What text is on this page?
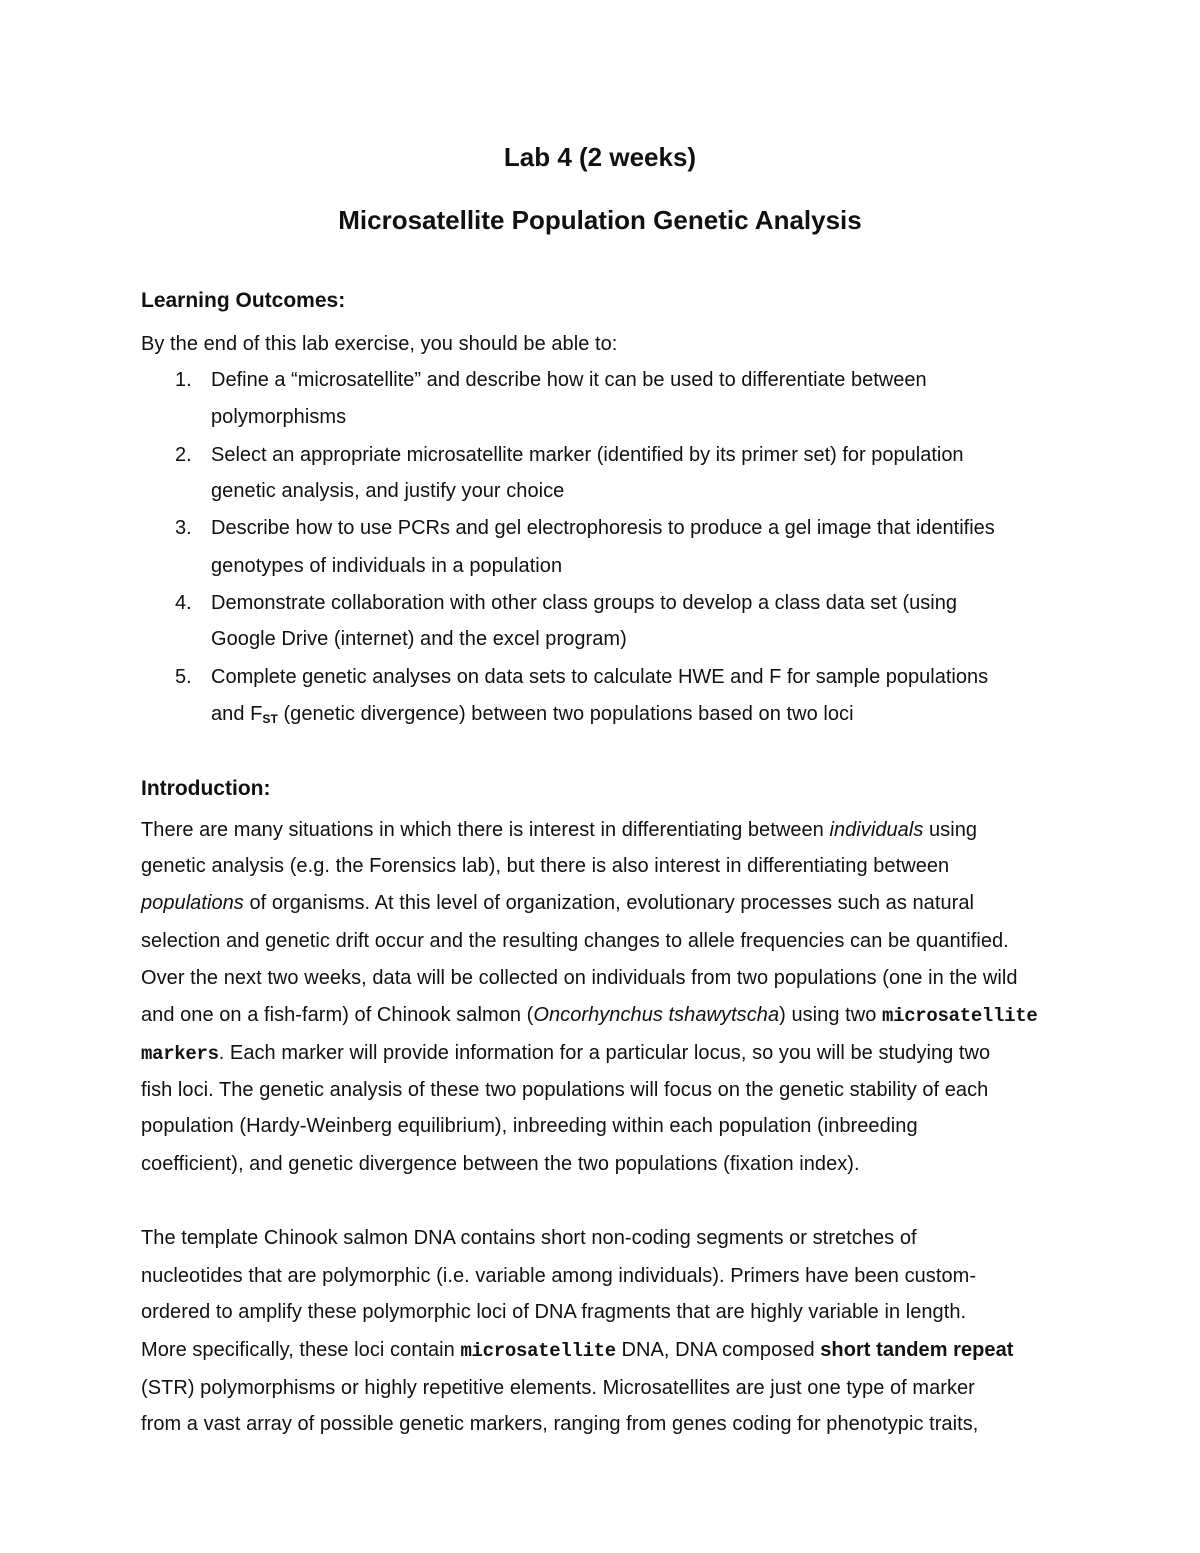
Lab 4 (2 weeks)
Microsatellite Population Genetic Analysis
Learning Outcomes:
By the end of this lab exercise, you should be able to:
1. Define a “microsatellite” and describe how it can be used to differentiate between
polymorphisms
2. Select an appropriate microsatellite marker (identified by its primer set) for population
genetic analysis, and justify your choice
3. Describe how to use PCRs and gel electrophoresis to produce a gel image that identifies
genotypes of individuals in a population
4. Demonstrate collaboration with other class groups to develop a class data set (using
Google Drive (internet) and the excel program)
5. Complete genetic analyses on data sets to calculate HWE and F for sample populations
and $F_{ST}$ (genetic divergence) between two populations based on two loci
Introduction:
There are many situations in which there is interest in differentiating between individuals using
genetic analysis (e.g. the Forensics lab), but there is also interest in differentiating between
populations of organisms. At this level of organization, evolutionary processes such as natural
selection and genetic drift occur and the resulting changes to allele frequencies can be quantified.
Over the next two weeks, data will be collected on individuals from two populations (one in the wild
and one on a fish-farm) of Chinook salmon (Oncorhynchus tshawytscha) using two microsatellite
markers. Each marker will provide information for a particular locus, so you will be studying two
fish loci. The genetic analysis of these two populations will focus on the genetic stability of each
population (Hardy-Weinberg equilibrium), inbreeding within each population (inbreeding
coefficient), and genetic divergence between the two populations (fixation index).
The template Chinook salmon DNA contains short non-coding segments or stretches of
nucleotides that are polymorphic (i.e. variable among individuals). Primers have been custom-
ordered to amplify these polymorphic loci of DNA fragments that are highly variable in length.
More specifically, these loci contain microsatellite DNA, DNA composed short tandem repeat
(STR) polymorphisms or highly repetitive elements. Microsatellites are just one type of marker
from a vast array of possible genetic markers, ranging from genes coding for phenotypic traits,
